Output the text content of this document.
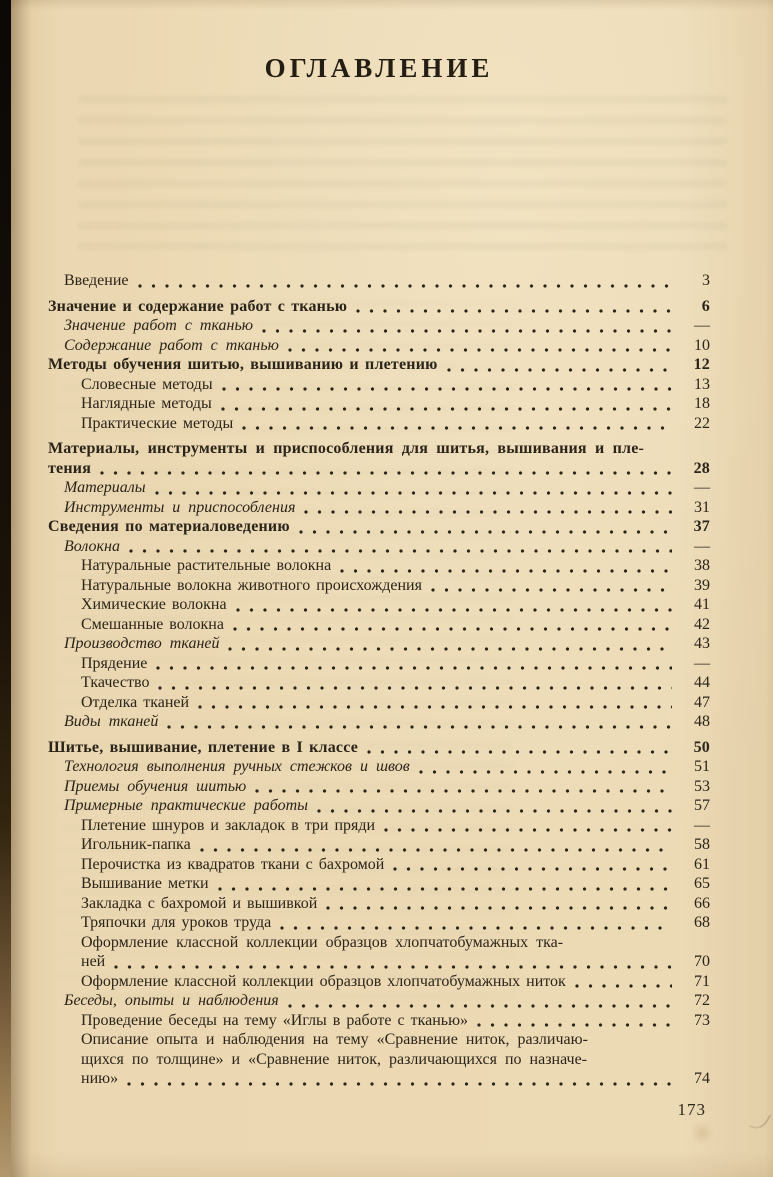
ОГЛАВЛЕНИЕ
Введение	3
Значение и содержание работ с тканью	6
Значение работ с тканью	—
Содержание работ с тканью	10
Методы обучения шитью, вышиванию и плетению	12
Словесные методы	13
Наглядные методы	18
Практические методы	22
Материалы, инструменты и приспособления для шитья, вышивания и пле-
тения	28
Материалы	—
Инструменты и приспособления	31
Сведения по материаловедению	37
Волокна	—
Натуральные растительные волокна	38
Натуральные волокна животного происхождения	39
Химические волокна	41
Смешанные волокна	42
Производство тканей	43
Прядение	—
Ткачество	44
Отделка тканей	47
Виды тканей	48
Шитье, вышивание, плетение в I классе	50
Технология выполнения ручных стежков и швов	51
Приемы обучения шитью	53
Примерные практические работы	57
Плетение шнуров и закладок в три пряди	—
Игольник-папка	58
Перочистка из квадратов ткани с бахромой	61
Вышивание метки	65
Закладка с бахромой и вышивкой	66
Тряпочки для уроков труда	68
Оформление классной коллекции образцов хлопчатобумажных тка-
ней	70
Оформление классной коллекции образцов хлопчатобумажных ниток	71
Беседы, опыты и наблюдения	72
Проведение беседы на тему «Иглы в работе с тканью»	73
Описание опыта и наблюдения на тему «Сравнение ниток, различаю-
щихся по толщине» и «Сравнение ниток, различающихся по назначе-
нию»	74
173
